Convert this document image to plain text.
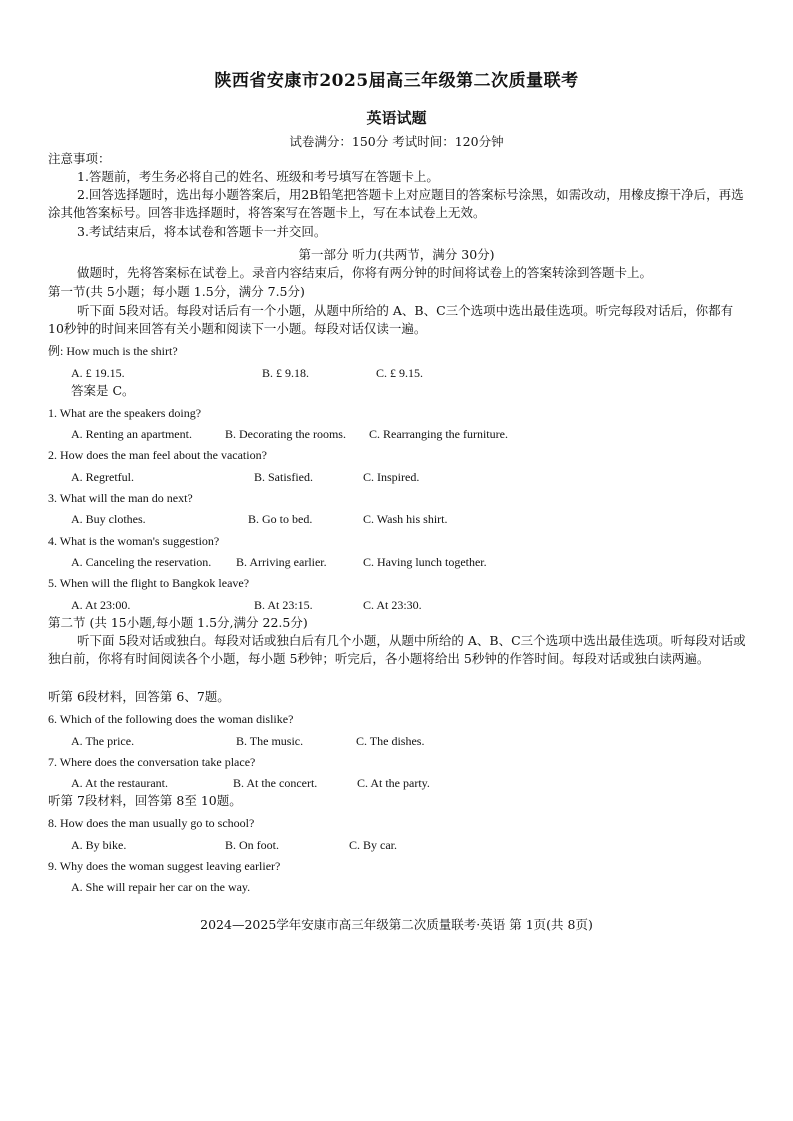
陕西省安康市2025届高三年级第二次质量联考
英语试题
试卷满分：150分 考试时间：120分钟
注意事项：
1.答题前，考生务必将自己的姓名、班级和考号填写在答题卡上。
2.回答选择题时，选出每小题答案后，用2B铅笔把答题卡上对应题目的答案标号涂黑，如需改动，用橡皮擦干净后，再选涂其他答案标号。回答非选择题时，将答案写在答题卡上，写在本试卷上无效。
3.考试结束后，将本试卷和答题卡一并交回。
第一部分 听力(共两节，满分 30分)
做题时，先将答案标在试卷上。录音内容结束后，你将有两分钟的时间将试卷上的答案转涂到答题卡上。
第一节(共 5小题；每小题 1.5分，满分 7.5分)
听下面 5段对话。每段对话后有一个小题，从题中所给的 A、B、C三个选项中选出最佳选项。听完每段对话后，你都有 10秒钟的时间来回答有关小题和阅读下一小题。每段对话仅读一遍。
例: How much is the shirt?
A. £ 19.15.	B. £ 9.18.	C. £ 9.15.
答案是 C。
1. What are the speakers doing?
A. Renting an apartment.	B. Decorating the rooms. C. Rearranging the furniture.
2. How does the man feel about the vacation?
A. Regretful.	B. Satisfied.	C. Inspired.
3. What will the man do next?
A. Buy clothes.	B. Go to bed.	C. Wash his shirt.
4. What is the woman's suggestion?
A. Canceling the reservation. B. Arriving earlier.	C. Having lunch together.
5. When will the flight to Bangkok leave?
A. At 23:00.	B. At 23:15.	C. At 23:30.
第二节 (共 15小题,每小题 1.5分,满分 22.5分)
听下面 5段对话或独白。每段对话或独白后有几个小题，从题中所给的 A、B、C三个选项中选出最佳选项。听每段对话或独白前，你将有时间阅读各个小题，每小题 5秒钟；听完后，各小题将给出 5秒钟的作答时间。每段对话或独白读两遍。
听第 6段材料，回答第 6、7题。
6. Which of the following does the woman dislike?
A. The price.	B. The music.	C. The dishes.
7. Where does the conversation take place?
A. At the restaurant.	B. At the concert.	C. At the party.
听第 7段材料，回答第 8至 10题。
8. How does the man usually go to school?
A. By bike.	B. On foot.	C. By car.
9. Why does the woman suggest leaving earlier?
A. She will repair her car on the way.
2024—2025学年安康市高三年级第二次质量联考·英语 第 1页(共 8页)
